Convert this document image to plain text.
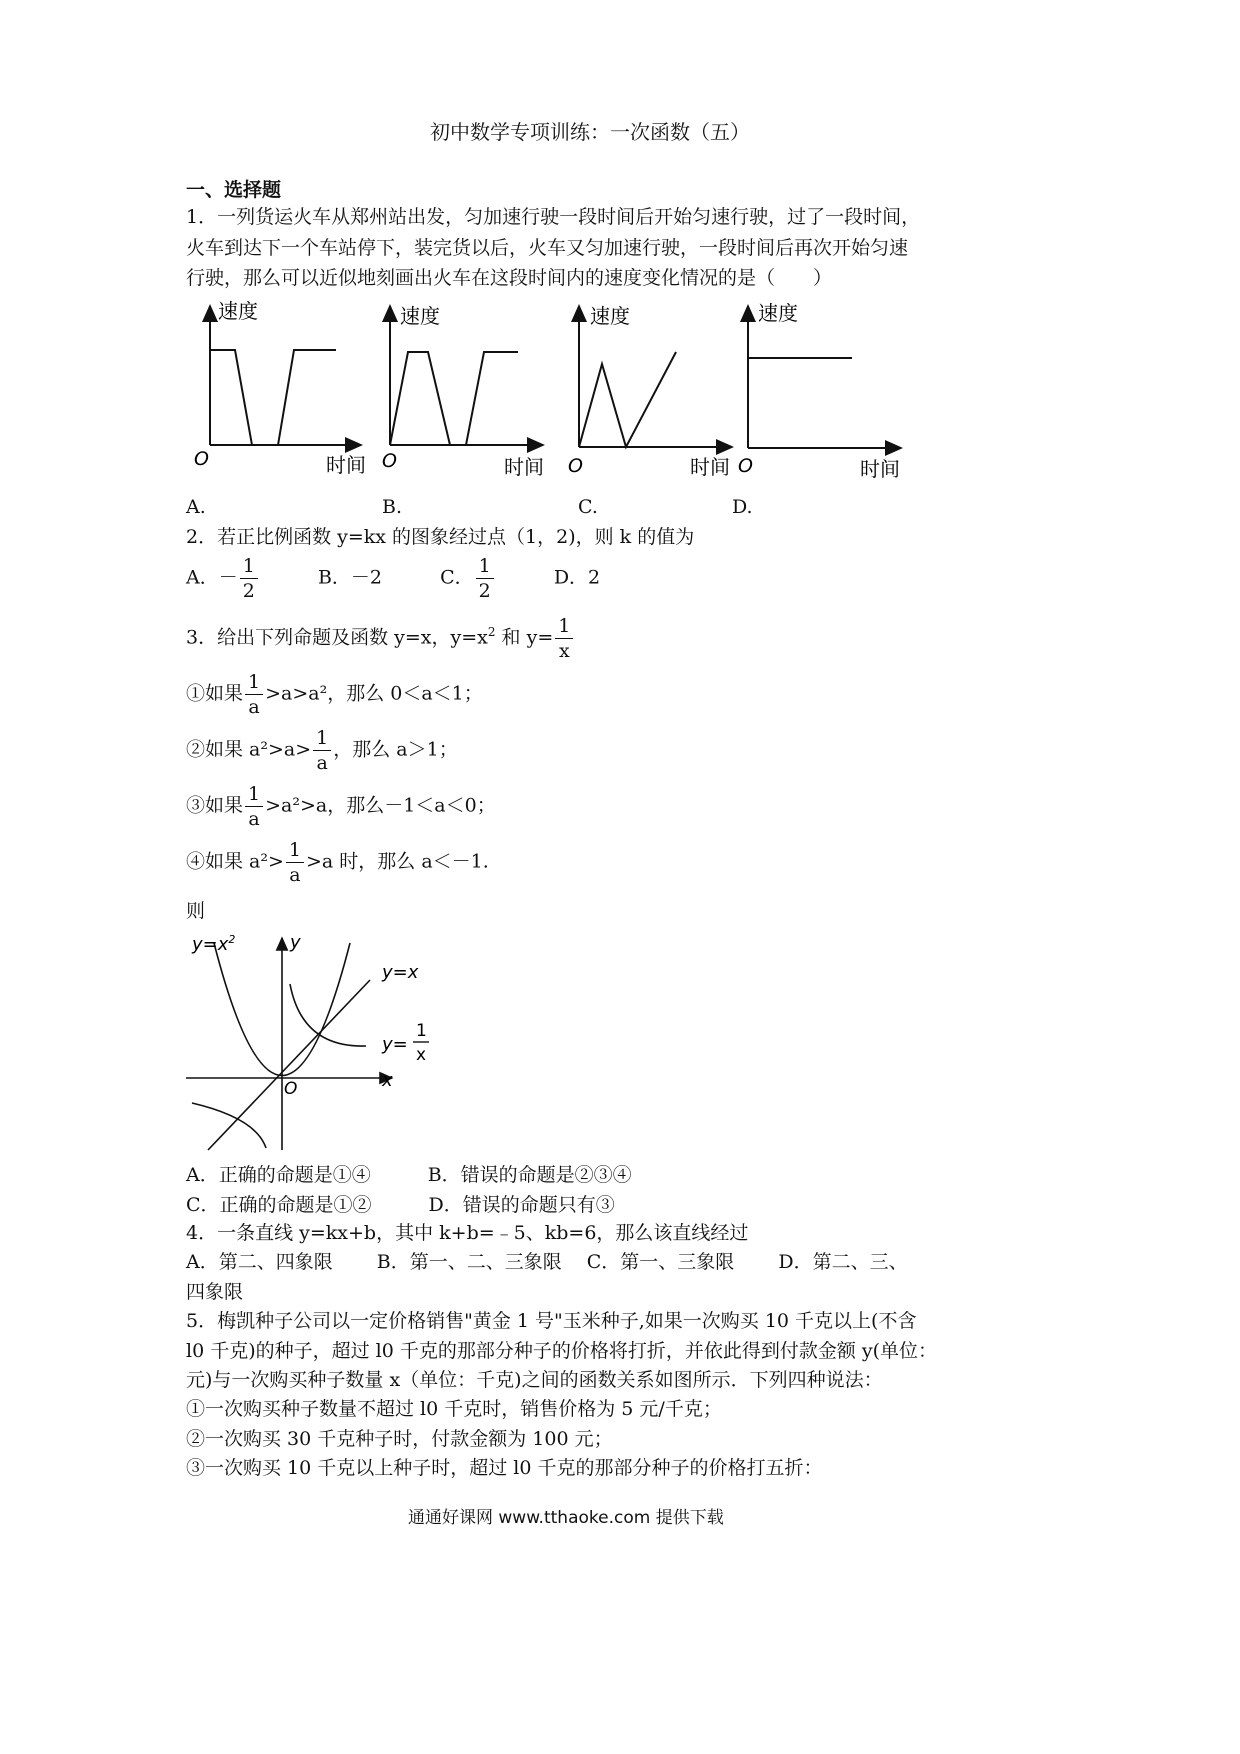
初中数学专项训练：一次函数（五）
一、选择题
1．一列货运火车从郑州站出发，匀加速行驶一段时间后开始匀速行驶，过了一段时间，
火车到达下一个车站停下，装完货以后，火车又匀加速行驶，一段时间后再次开始匀速
行驶，那么可以近似地刻画出火车在这段时间内的速度变化情况的是（　　）
速度
O	时间
速度
O	时间
速度
O	时间
速度
O	时间
A.	B.	C.	D.
2．若正比例函数 y=kx 的图象经过点（1，2)，则 k 的值为
A．－ $\frac{1}{2}$	B．－2	C． $\frac{1}{2}$	D．2
3．给出下列命题及函数 y=x，$y=x^2$ 和 $y= \frac{1}{x}$
①如果 $\frac{1}{a} >a>a^2$，那么 0＜a＜1；
②如果 $a^2>a> \frac{1}{a}$ ，那么 a＞1；
③如果 $\frac{1}{a} >a^2>a$，那么－1＜a＜0；
④如果 $a^2> \frac{1}{a} >a$ 时，那么 a＜－1.
则
$y=x^2$	y
y=x
y=
1
x
x
O
A．正确的命题是①④　　　B．错误的命题是②③④
C．正确的命题是①②　　　D．错误的命题只有③
4．一条直线 y=kx+b，其中 k+b=﹣5、kb=6，那么该直线经过
A．第二、四象限　　 B．第一、二、三象限　 C．第一、三象限　　 D．第二、三、
四象限
5．梅凯种子公司以一定价格销售"黄金 1 号"玉米种子,如果一次购买 10 千克以上(不含
l0 千克)的种子，超过 l0 千克的那部分种子的价格将打折，并依此得到付款金额 y(单位：
元)与一次购买种子数量 x（单位：千克)之间的函数关系如图所示．下列四种说法：
①一次购买种子数量不超过 l0 千克时，销售价格为 5 元/千克；
②一次购买 30 千克种子时，付款金额为 100 元；
③一次购买 10 千克以上种子时，超过 l0 千克的那部分种子的价格打五折：
通通好课网 www.tthaoke.com 提供下载
